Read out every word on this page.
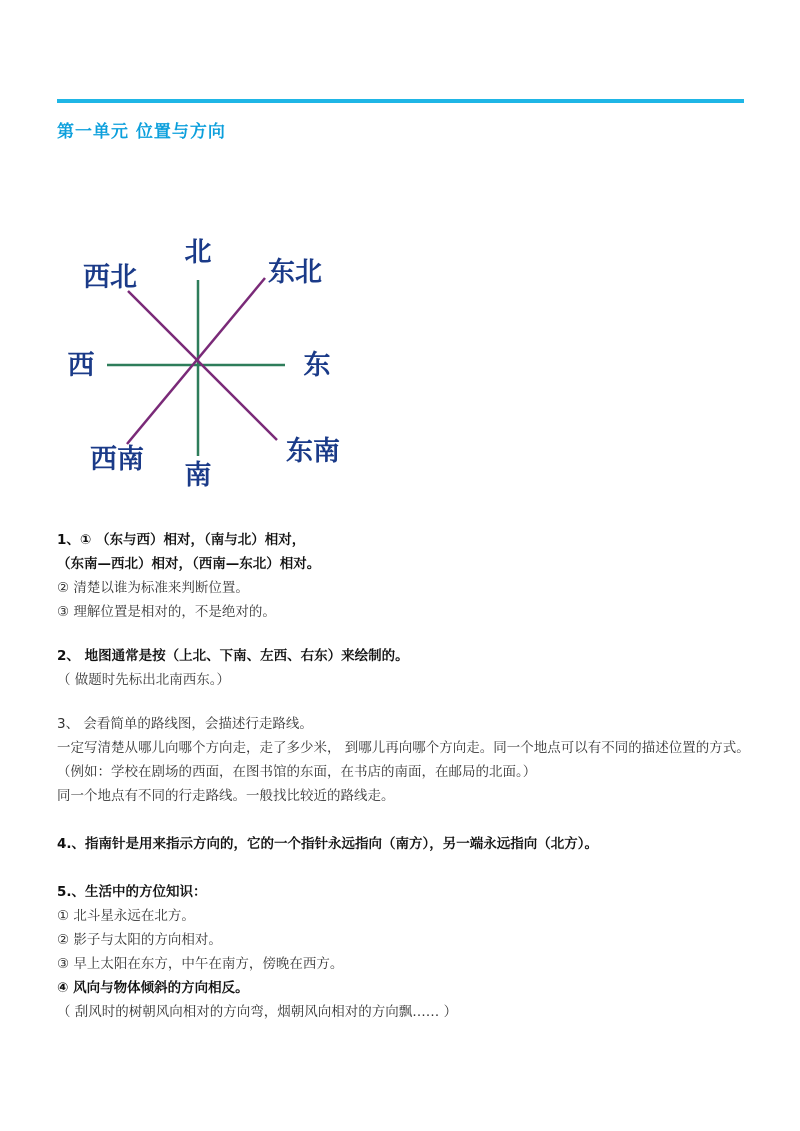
第一单元 位置与方向
北
西北	东北
西	东
西南
南
东南

1、① （东与西）相对，（南与北）相对，

（东南—西北）相对，（西南—东北）相对。

② 清楚以谁为标准来判断位置。

③ 理解位置是相对的，不是绝对的。

2、 地图通常是按（上北、下南、左西、右东）来绘制的。

（ 做题时先标出北南西东。）

3、 会看简单的路线图，会描述行走路线。

一定写清楚从哪儿向哪个方向走，走了多少米， 到哪儿再向哪个方向走。同一个地点可以有不同的描述位置的方式。（例如：学校在剧场的西面，在图书馆的东面，在书店的南面，在邮局的北面。）

同一个地点有不同的行走路线。一般找比较近的路线走。

4.、指南针是用来指示方向的，它的一个指针永远指向（南方），另一端永远指向（北方）。

5.、生活中的方位知识：

① 北斗星永远在北方。

② 影子与太阳的方向相对。

③ 早上太阳在东方，中午在南方，傍晚在西方。

④ 风向与物体倾斜的方向相反。

（ 刮风时的树朝风向相对的方向弯，烟朝风向相对的方向飘…… ）
